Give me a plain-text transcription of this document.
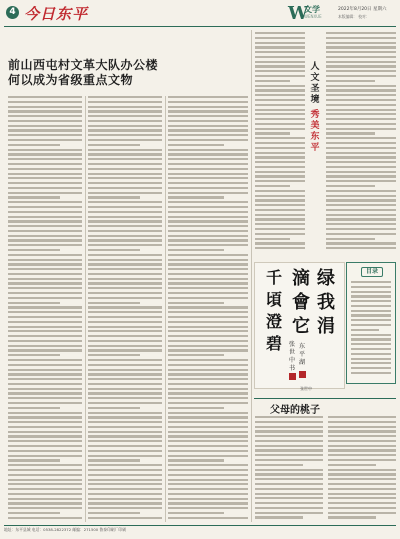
4 今日东平	W
文学
WENXUE
2022年8月20日 星期六
本版编辑： 校对：
前山西屯村文革大队办公楼
何以成为省级重点文物
人文圣境
秀美东平
绿我涓
滴會它
千頃澄碧	东平湖
张世中书
张世中
目录
父母的桃子
地址：东平县城 电话：0538-2822372 邮编：271500 鲁泰印刷厂印刷
